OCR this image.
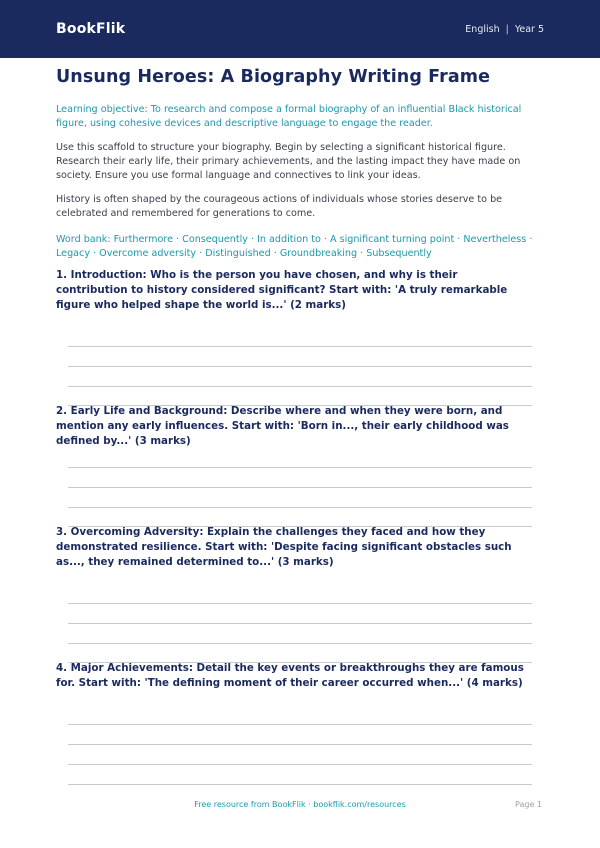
BookFlik	English | Year 5
Unsung Heroes: A Biography Writing Frame

Learning objective: To research and compose a formal biography of an influential Black historical figure, using cohesive devices and descriptive language to engage the reader.

Use this scaffold to structure your biography. Begin by selecting a significant historical figure. Research their early life, their primary achievements, and the lasting impact they have made on society. Ensure you use formal language and connectives to link your ideas.

History is often shaped by the courageous actions of individuals whose stories deserve to be celebrated and remembered for generations to come.

Word bank: Furthermore · Consequently · In addition to · A significant turning point · Nevertheless · Legacy · Overcome adversity · Distinguished · Groundbreaking · Subsequently

1. Introduction: Who is the person you have chosen, and why is their contribution to history considered significant? Start with: 'A truly remarkable figure who helped shape the world is...' (2 marks)
2. Early Life and Background: Describe where and when they were born, and mention any early influences. Start with: 'Born in..., their early childhood was defined by...' (3 marks)
3. Overcoming Adversity: Explain the challenges they faced and how they demonstrated resilience. Start with: 'Despite facing significant obstacles such as..., they remained determined to...' (3 marks)
4. Major Achievements: Detail the key events or breakthroughs they are famous for. Start with: 'The defining moment of their career occurred when...' (4 marks)
Free resource from BookFlik · bookflik.com/resources	Page 1
